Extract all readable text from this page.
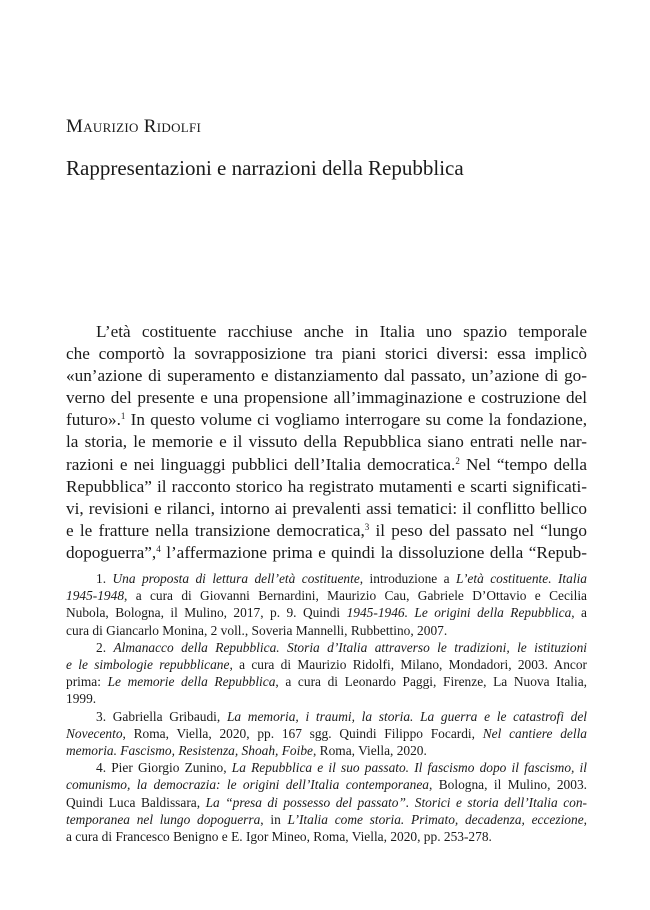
Maurizio Ridolfi
Rappresentazioni e narrazioni della Repubblica
L’età costituente racchiuse anche in Italia uno spazio temporale
che comportò la sovrapposizione tra piani storici diversi: essa implicò
«un’azione di superamento e distanziamento dal passato, un’azione di go-
verno del presente e una propensione all’immaginazione e costruzione del
futuro».$^1$ In questo volume ci vogliamo interrogare su come la fondazione,
la storia, le memorie e il vissuto della Repubblica siano entrati nelle nar-
razioni e nei linguaggi pubblici dell’Italia democratica.$^2$ Nel “tempo della
Repubblica” il racconto storico ha registrato mutamenti e scarti significati-
vi, revisioni e rilanci, intorno ai prevalenti assi tematici: il conflitto bellico
e le fratture nella transizione democratica,$^3$ il peso del passato nel “lungo
dopoguerra”,$^4$ l’affermazione prima e quindi la dissoluzione della “Repub-
1. Una proposta di lettura dell’età costituente, introduzione a L’età costituente. Italia
1945-1948, a cura di Giovanni Bernardini, Maurizio Cau, Gabriele D’Ottavio e Cecilia
Nubola, Bologna, il Mulino, 2017, p. 9. Quindi 1945-1946. Le origini della Repubblica, a
cura di Giancarlo Monina, 2 voll., Soveria Mannelli, Rubbettino, 2007.
2. Almanacco della Repubblica. Storia d’Italia attraverso le tradizioni, le istituzioni
e le simbologie repubblicane, a cura di Maurizio Ridolfi, Milano, Mondadori, 2003. Ancor
prima: Le memorie della Repubblica, a cura di Leonardo Paggi, Firenze, La Nuova Italia,
1999.
3. Gabriella Gribaudi, La memoria, i traumi, la storia. La guerra e le catastrofi del
Novecento, Roma, Viella, 2020, pp. 167 sgg. Quindi Filippo Focardi, Nel cantiere della
memoria. Fascismo, Resistenza, Shoah, Foibe, Roma, Viella, 2020.
4. Pier Giorgio Zunino, La Repubblica e il suo passato. Il fascismo dopo il fascismo, il
comunismo, la democrazia: le origini dell’Italia contemporanea, Bologna, il Mulino, 2003.
Quindi Luca Baldissara, La “presa di possesso del passato”. Storici e storia dell’Italia con-
temporanea nel lungo dopoguerra, in L’Italia come storia. Primato, decadenza, eccezione,
a cura di Francesco Benigno e E. Igor Mineo, Roma, Viella, 2020, pp. 253-278.
